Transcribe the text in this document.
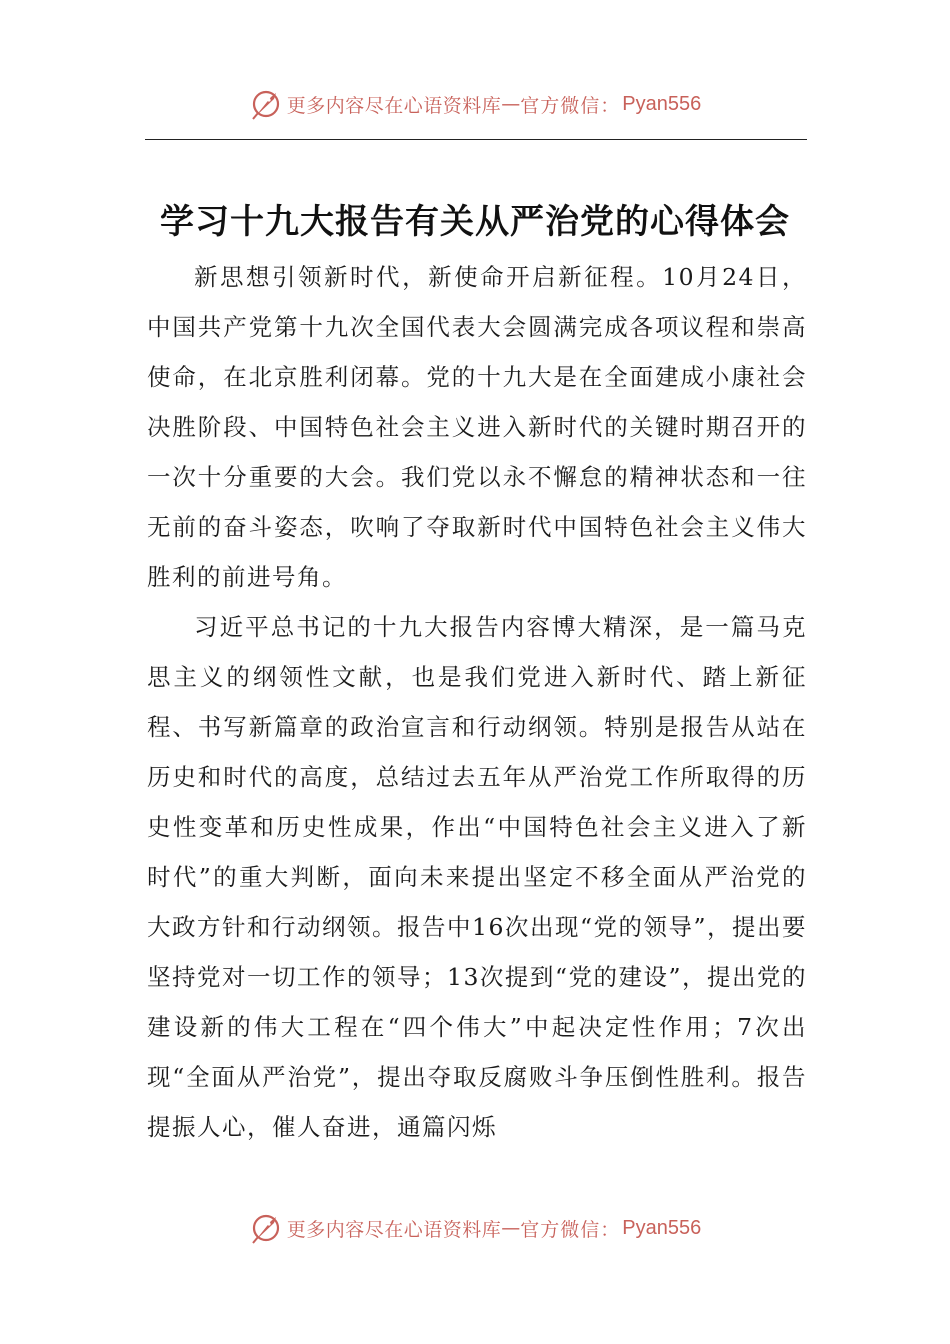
更多内容尽在心语资料库 — 官方微信： Pyan556
学习十九大报告有关从严治党的心得体会

新思想引领新时代，新使命开启新征程。10月24日，中国共产党第十九次全国代表大会圆满完成各项议程和崇高使命，在北京胜利闭幕。党的十九大是在全面建成小康社会决胜阶段、中国特色社会主义进入新时代的关键时期召开的一次十分重要的大会。我们党以永不懈怠的精神状态和一往无前的奋斗姿态，吹响了夺取新时代中国特色社会主义伟大胜利的前进号角。

习近平总书记的十九大报告内容博大精深，是一篇马克思主义的纲领性文献，也是我们党进入新时代、踏上新征程、书写新篇章的政治宣言和行动纲领。特别是报告从站在历史和时代的高度，总结过去五年从严治党工作所取得的历史性变革和历史性成果，作出“中国特色社会主义进入了新时代”的重大判断，面向未来提出坚定不移全面从严治党的大政方针和行动纲领。报告中16次出现“党的领导”，提出要坚持党对一切工作的领导；13次提到“党的建设”，提出党的建设新的伟大工程在“四个伟大”中起决定性作用；7次出现“全面从严治党”，提出夺取反腐败斗争压倒性胜利。报告提振人心，催人奋进，通篇闪烁

更多内容尽在心语资料库 — 官方微信： Pyan556
